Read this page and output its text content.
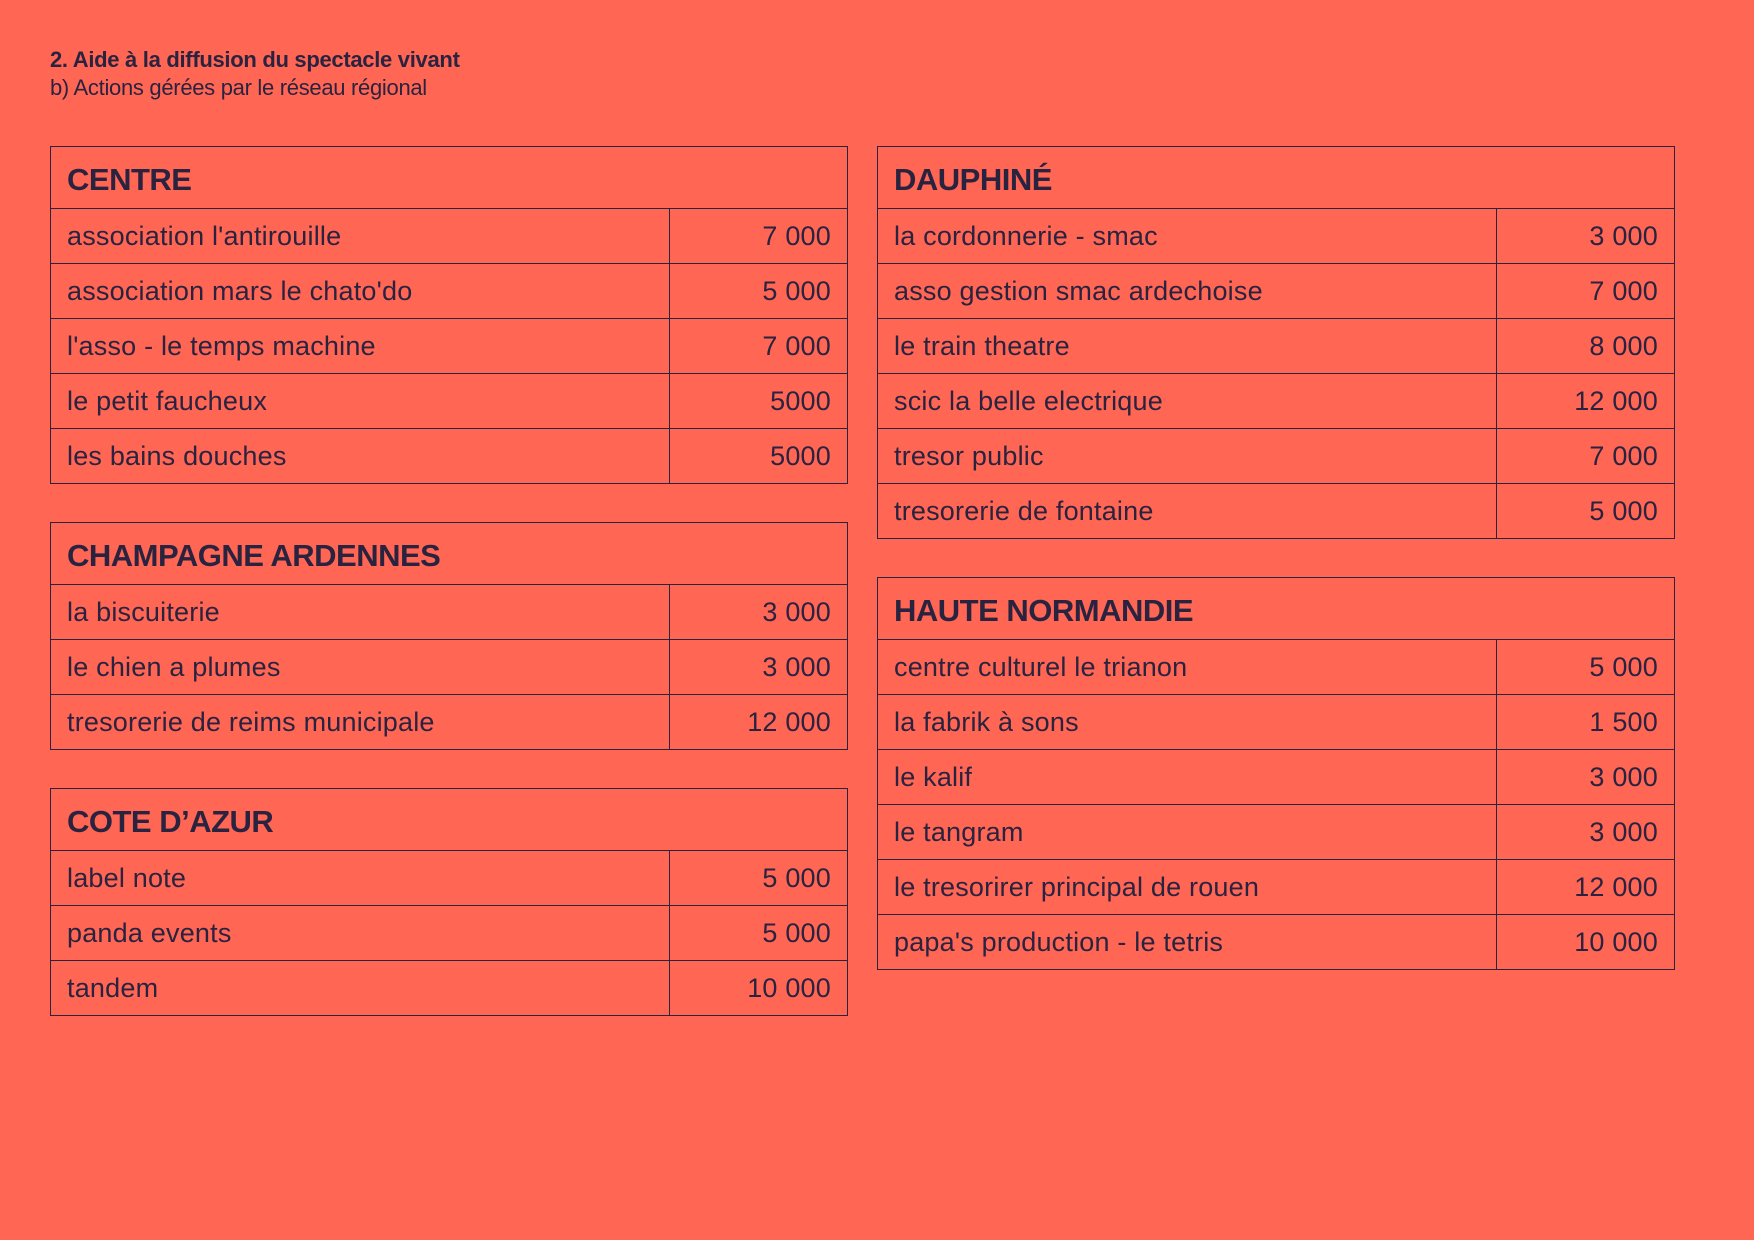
2. Aide à la diffusion du spectacle vivant
b) Actions gérées par le réseau régional
CENTRE	
association l'antirouille	7 000
association mars le chato'do	5 000
l'asso - le temps machine	7 000
le petit faucheux	5000
les bains douches	5000
CHAMPAGNE ARDENNES	
la biscuiterie	3 000
le chien a plumes	3 000
tresorerie de reims municipale	12 000
COTE D’AZUR	
label note	5 000
panda events	5 000
tandem	10 000
DAUPHINÉ	
la cordonnerie - smac	3 000
asso gestion smac ardechoise	7 000
le train theatre	8 000
scic la belle electrique	12 000
tresor public	7 000
tresorerie de fontaine	5 000
HAUTE NORMANDIE	
centre culturel le trianon	5 000
la fabrik à sons	1 500
le kalif	3 000
le tangram	3 000
le tresorirer principal de rouen	12 000
papa's production - le tetris	10 000
